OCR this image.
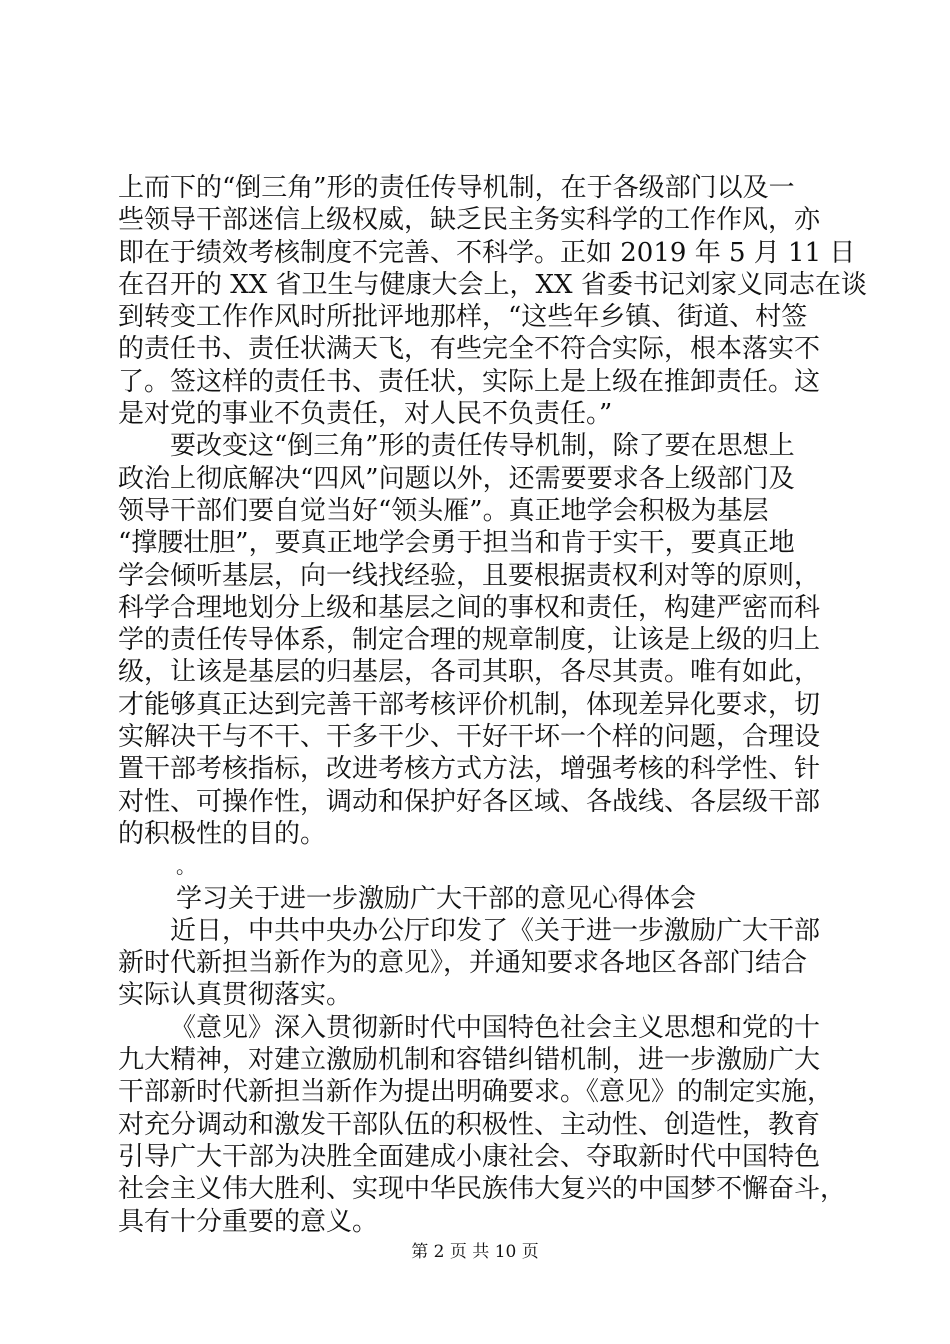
上而下的“倒三角”形的责任传导机制，在于各级部门以及一
些领导干部迷信上级权威，缺乏民主务实科学的工作作风，亦
即在于绩效考核制度不完善、不科学。正如 2019 年 5 月 11 日
在召开的 XX 省卫生与健康大会上，XX 省委书记刘家义同志在谈
到转变工作作风时所批评地那样，“这些年乡镇、街道、村签
的责任书、责任状满天飞，有些完全不符合实际，根本落实不
了。签这样的责任书、责任状，实际上是上级在推卸责任。这
是对党的事业不负责任，对人民不负责任。”
要改变这“倒三角”形的责任传导机制，除了要在思想上
政治上彻底解决“四风”问题以外，还需要要求各上级部门及
领导干部们要自觉当好“领头雁”。真正地学会积极为基层
“撑腰壮胆”，要真正地学会勇于担当和肯于实干，要真正地
学会倾听基层，向一线找经验，且要根据责权利对等的原则，
科学合理地划分上级和基层之间的事权和责任，构建严密而科
学的责任传导体系，制定合理的规章制度，让该是上级的归上
级，让该是基层的归基层，各司其职，各尽其责。唯有如此，
才能够真正达到完善干部考核评价机制，体现差异化要求，切
实解决干与不干、干多干少、干好干坏一个样的问题，合理设
置干部考核指标，改进考核方式方法，增强考核的科学性、针
对性、可操作性，调动和保护好各区域、各战线、各层级干部
的积极性的目的。
。
学习关于进一步激励广大干部的意见心得体会
近日，中共中央办公厅印发了《关于进一步激励广大干部
新时代新担当新作为的意见》，并通知要求各地区各部门结合
实际认真贯彻落实。
《意见》深入贯彻新时代中国特色社会主义思想和党的十
九大精神，对建立激励机制和容错纠错机制，进一步激励广大
干部新时代新担当新作为提出明确要求。《意见》的制定实施，
对充分调动和激发干部队伍的积极性、主动性、创造性，教育
引导广大干部为决胜全面建成小康社会、夺取新时代中国特色
社会主义伟大胜利、实现中华民族伟大复兴的中国梦不懈奋斗，
具有十分重要的意义。
第 2 页 共 10 页
